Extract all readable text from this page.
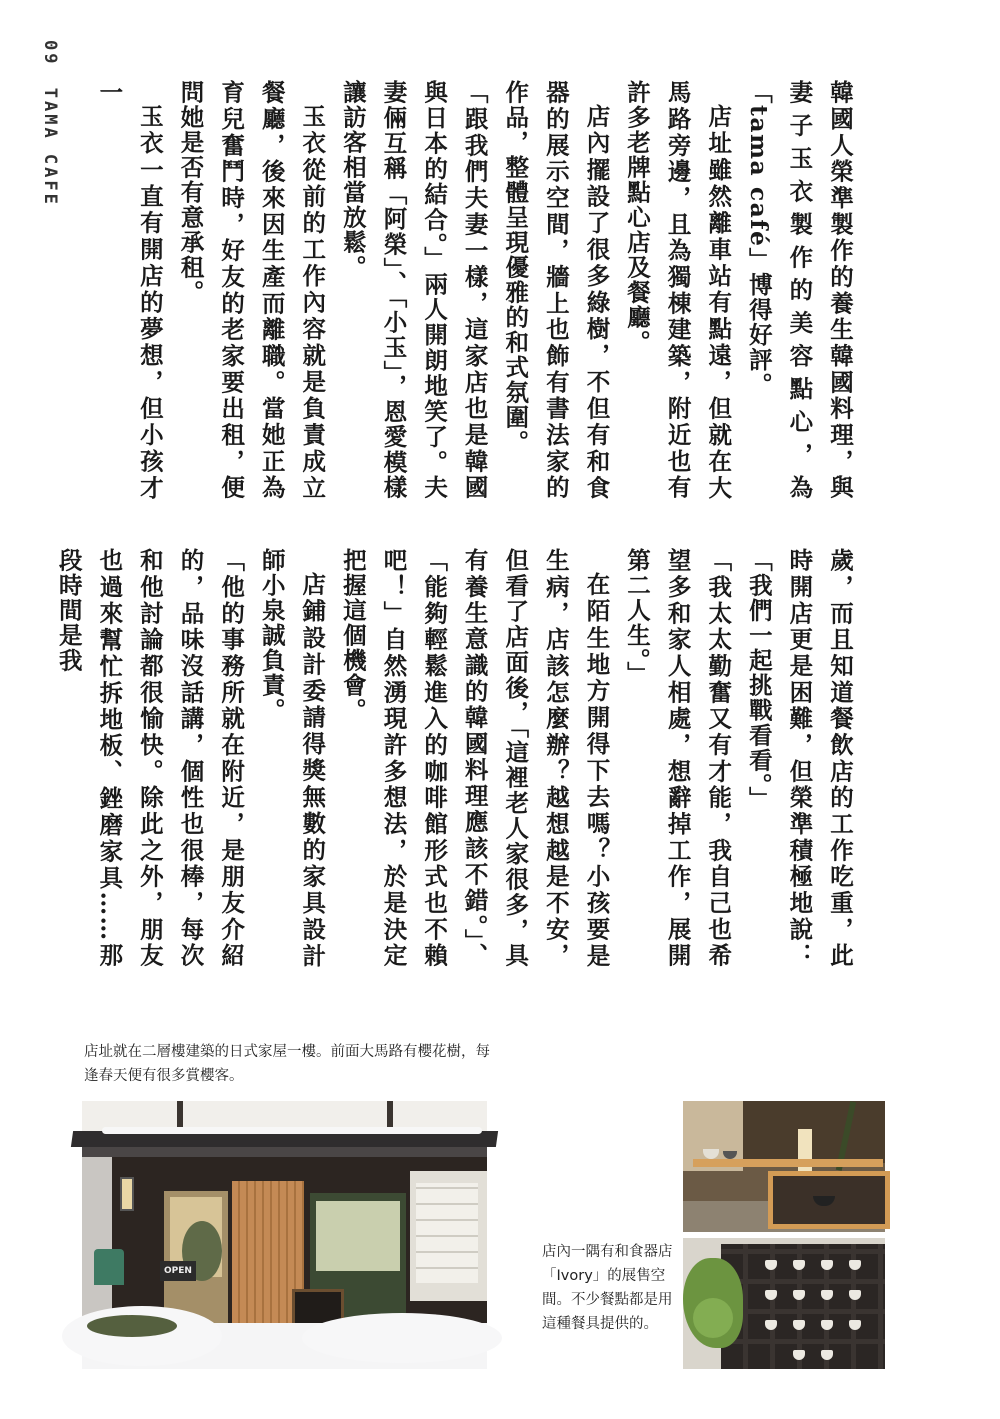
09 TAMA CAFE	韓國人榮準製作的養生韓國料理，與妻子玉衣製作的美容點心，為「tama café」博得好評。

店址雖然離車站有點遠，但就在大馬路旁邊，且為獨棟建築，附近也有許多老牌點心店及餐廳。

店內擺設了很多綠樹，不但有和食器的展示空間，牆上也飾有書法家的作品，整體呈現優雅的和式氛圍。

「跟我們夫妻一樣，這家店也是韓國與日本的結合。」兩人開朗地笑了。夫妻倆互稱「阿榮」、「小玉」，恩愛模樣讓訪客相當放鬆。

玉衣從前的工作內容就是負責成立餐廳，後來因生產而離職。當她正為育兒奮鬥時，好友的老家要出租，便問她是否有意承租。

玉衣一直有開店的夢想，但小孩才一

歲，而且知道餐飲店的工作吃重，此時開店更是困難，但榮準積極地說：「我們一起挑戰看看。」

「我太太勤奮又有才能，我自己也希望多和家人相處，想辭掉工作，展開第二人生。」

在陌生地方開得下去嗎？小孩要是生病，店該怎麼辦？越想越是不安，但看了店面後，「這裡老人家很多，具有養生意識的韓國料理應該不錯。」、「能夠輕鬆進入的咖啡館形式也不賴吧！」自然湧現許多想法，於是決定把握這個機會。

店鋪設計委請得獎無數的家具設計師小泉誠負責。

「他的事務所就在附近，是朋友介紹的，品味沒話講，個性也很棒，每次和他討論都很愉快。除此之外，朋友也過來幫忙拆地板、銼磨家具……那段時間是我

店址就在二層樓建築的日式家屋一樓。前面大馬路有櫻花樹，每逢春天便有很多賞櫻客。

店內一隅有和食器店「Ivory」的展售空間。不少餐點都是用這種餐具提供的。

OPEN
